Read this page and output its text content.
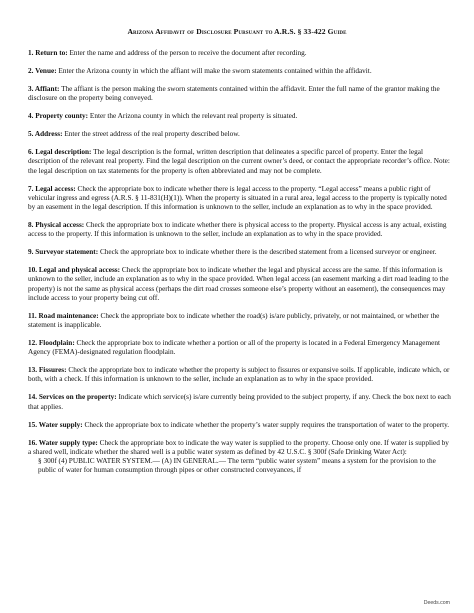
Arizona Affidavit of Disclosure Pursuant to A.R.S. § 33-422 Guide

1. Return to: Enter the name and address of the person to receive the document after recording.

2. Venue: Enter the Arizona county in which the affiant will make the sworn statements contained within the affidavit.

3. Affiant: The affiant is the person making the sworn statements contained within the affidavit. Enter the full name of the grantor making the disclosure on the property being conveyed.

4. Property county: Enter the Arizona county in which the relevant real property is situated.

5. Address: Enter the street address of the real property described below.

6. Legal description: The legal description is the formal, written description that delineates a specific parcel of property. Enter the legal description of the relevant real property. Find the legal description on the current owner’s deed, or contact the appropriate recorder’s office. Note: the legal description on tax statements for the property is often abbreviated and may not be complete.

7. Legal access: Check the appropriate box to indicate whether there is legal access to the property. “Legal access” means a public right of vehicular ingress and egress (A.R.S. § 11-831(H)(1)). When the property is situated in a rural area, legal access to the property is typically noted by an easement in the legal description. If this information is unknown to the seller, include an explanation as to why in the space provided.

8. Physical access: Check the appropriate box to indicate whether there is physical access to the property. Physical access is any actual, existing access to the property. If this information is unknown to the seller, include an explanation as to why in the space provided.

9. Surveyor statement: Check the appropriate box to indicate whether there is the described statement from a licensed surveyor or engineer.

10. Legal and physical access: Check the appropriate box to indicate whether the legal and physical access are the same. If this information is unknown to the seller, include an explanation as to why in the space provided. When legal access (an easement marking a dirt road leading to the property) is not the same as physical access (perhaps the dirt road crosses someone else’s property without an easement), the consequences may include access to your property being cut off.

11. Road maintenance: Check the appropriate box to indicate whether the road(s) is/are publicly, privately, or not maintained, or whether the statement is inapplicable.

12. Floodplain: Check the appropriate box to indicate whether a portion or all of the property is located in a Federal Emergency Management Agency (FEMA)-designated regulation floodplain.

13. Fissures: Check the appropriate box to indicate whether the property is subject to fissures or expansive soils. If applicable, indicate which, or both, with a check. If this information is unknown to the seller, include an explanation as to why in the space provided.

14. Services on the property: Indicate which service(s) is/are currently being provided to the subject property, if any. Check the box next to each that applies.

15. Water supply: Check the appropriate box to indicate whether the property’s water supply requires the transportation of water to the property.

16. Water supply type: Check the appropriate box to indicate the way water is supplied to the property. Choose only one. If water is supplied by a shared well, indicate whether the shared well is a public water system as defined by 42 U.S.C. § 300f (Safe Drinking Water Act):

§ 300f (4) PUBLIC WATER SYSTEM.— (A) IN GENERAL.— The term “public water system” means a system for the provision to the public of water for human consumption through pipes or other constructed conveyances, if

Deeds.com
